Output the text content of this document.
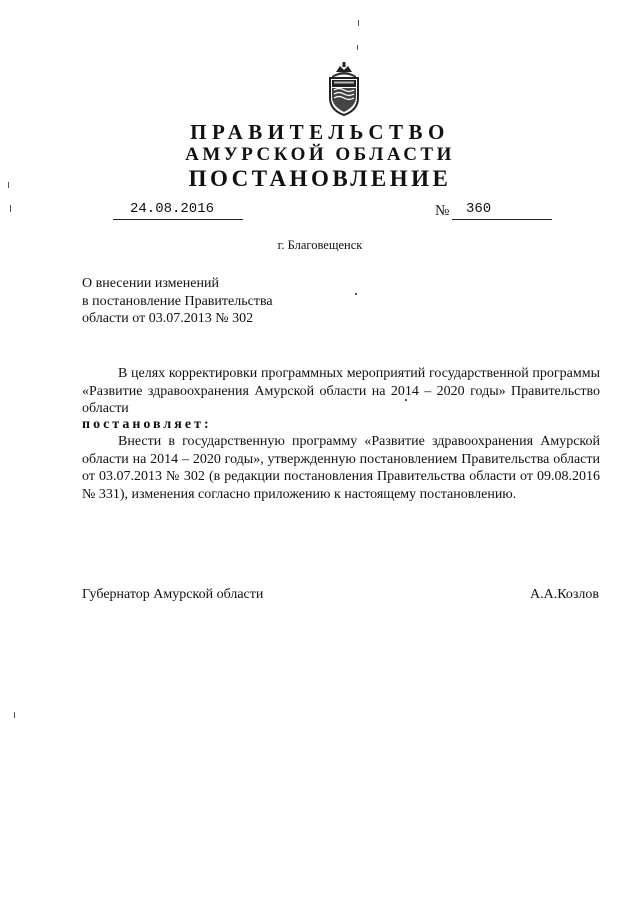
ПРАВИТЕЛЬСТВО
АМУРСКОЙ ОБЛАСТИ
ПОСТАНОВЛЕНИЕ
24.08.2016	№ 360
г. Благовещенск
О внесении изменений
в постановление Правительства
области от 03.07.2013 № 302
В целях корректировки программных мероприятий государственной программы «Развитие здравоохранения Амурской области на 2014 – 2020 годы» Правительство области
постановляет:
Внести в государственную программу «Развитие здравоохранения Амурской области на 2014 – 2020 годы», утвержденную постановлением Правительства области от 03.07.2013 № 302 (в редакции постановления Правительства области от 09.08.2016 № 331), изменения согласно приложению к настоящему постановлению.
Губернатор Амурской области	А.А.Козлов
